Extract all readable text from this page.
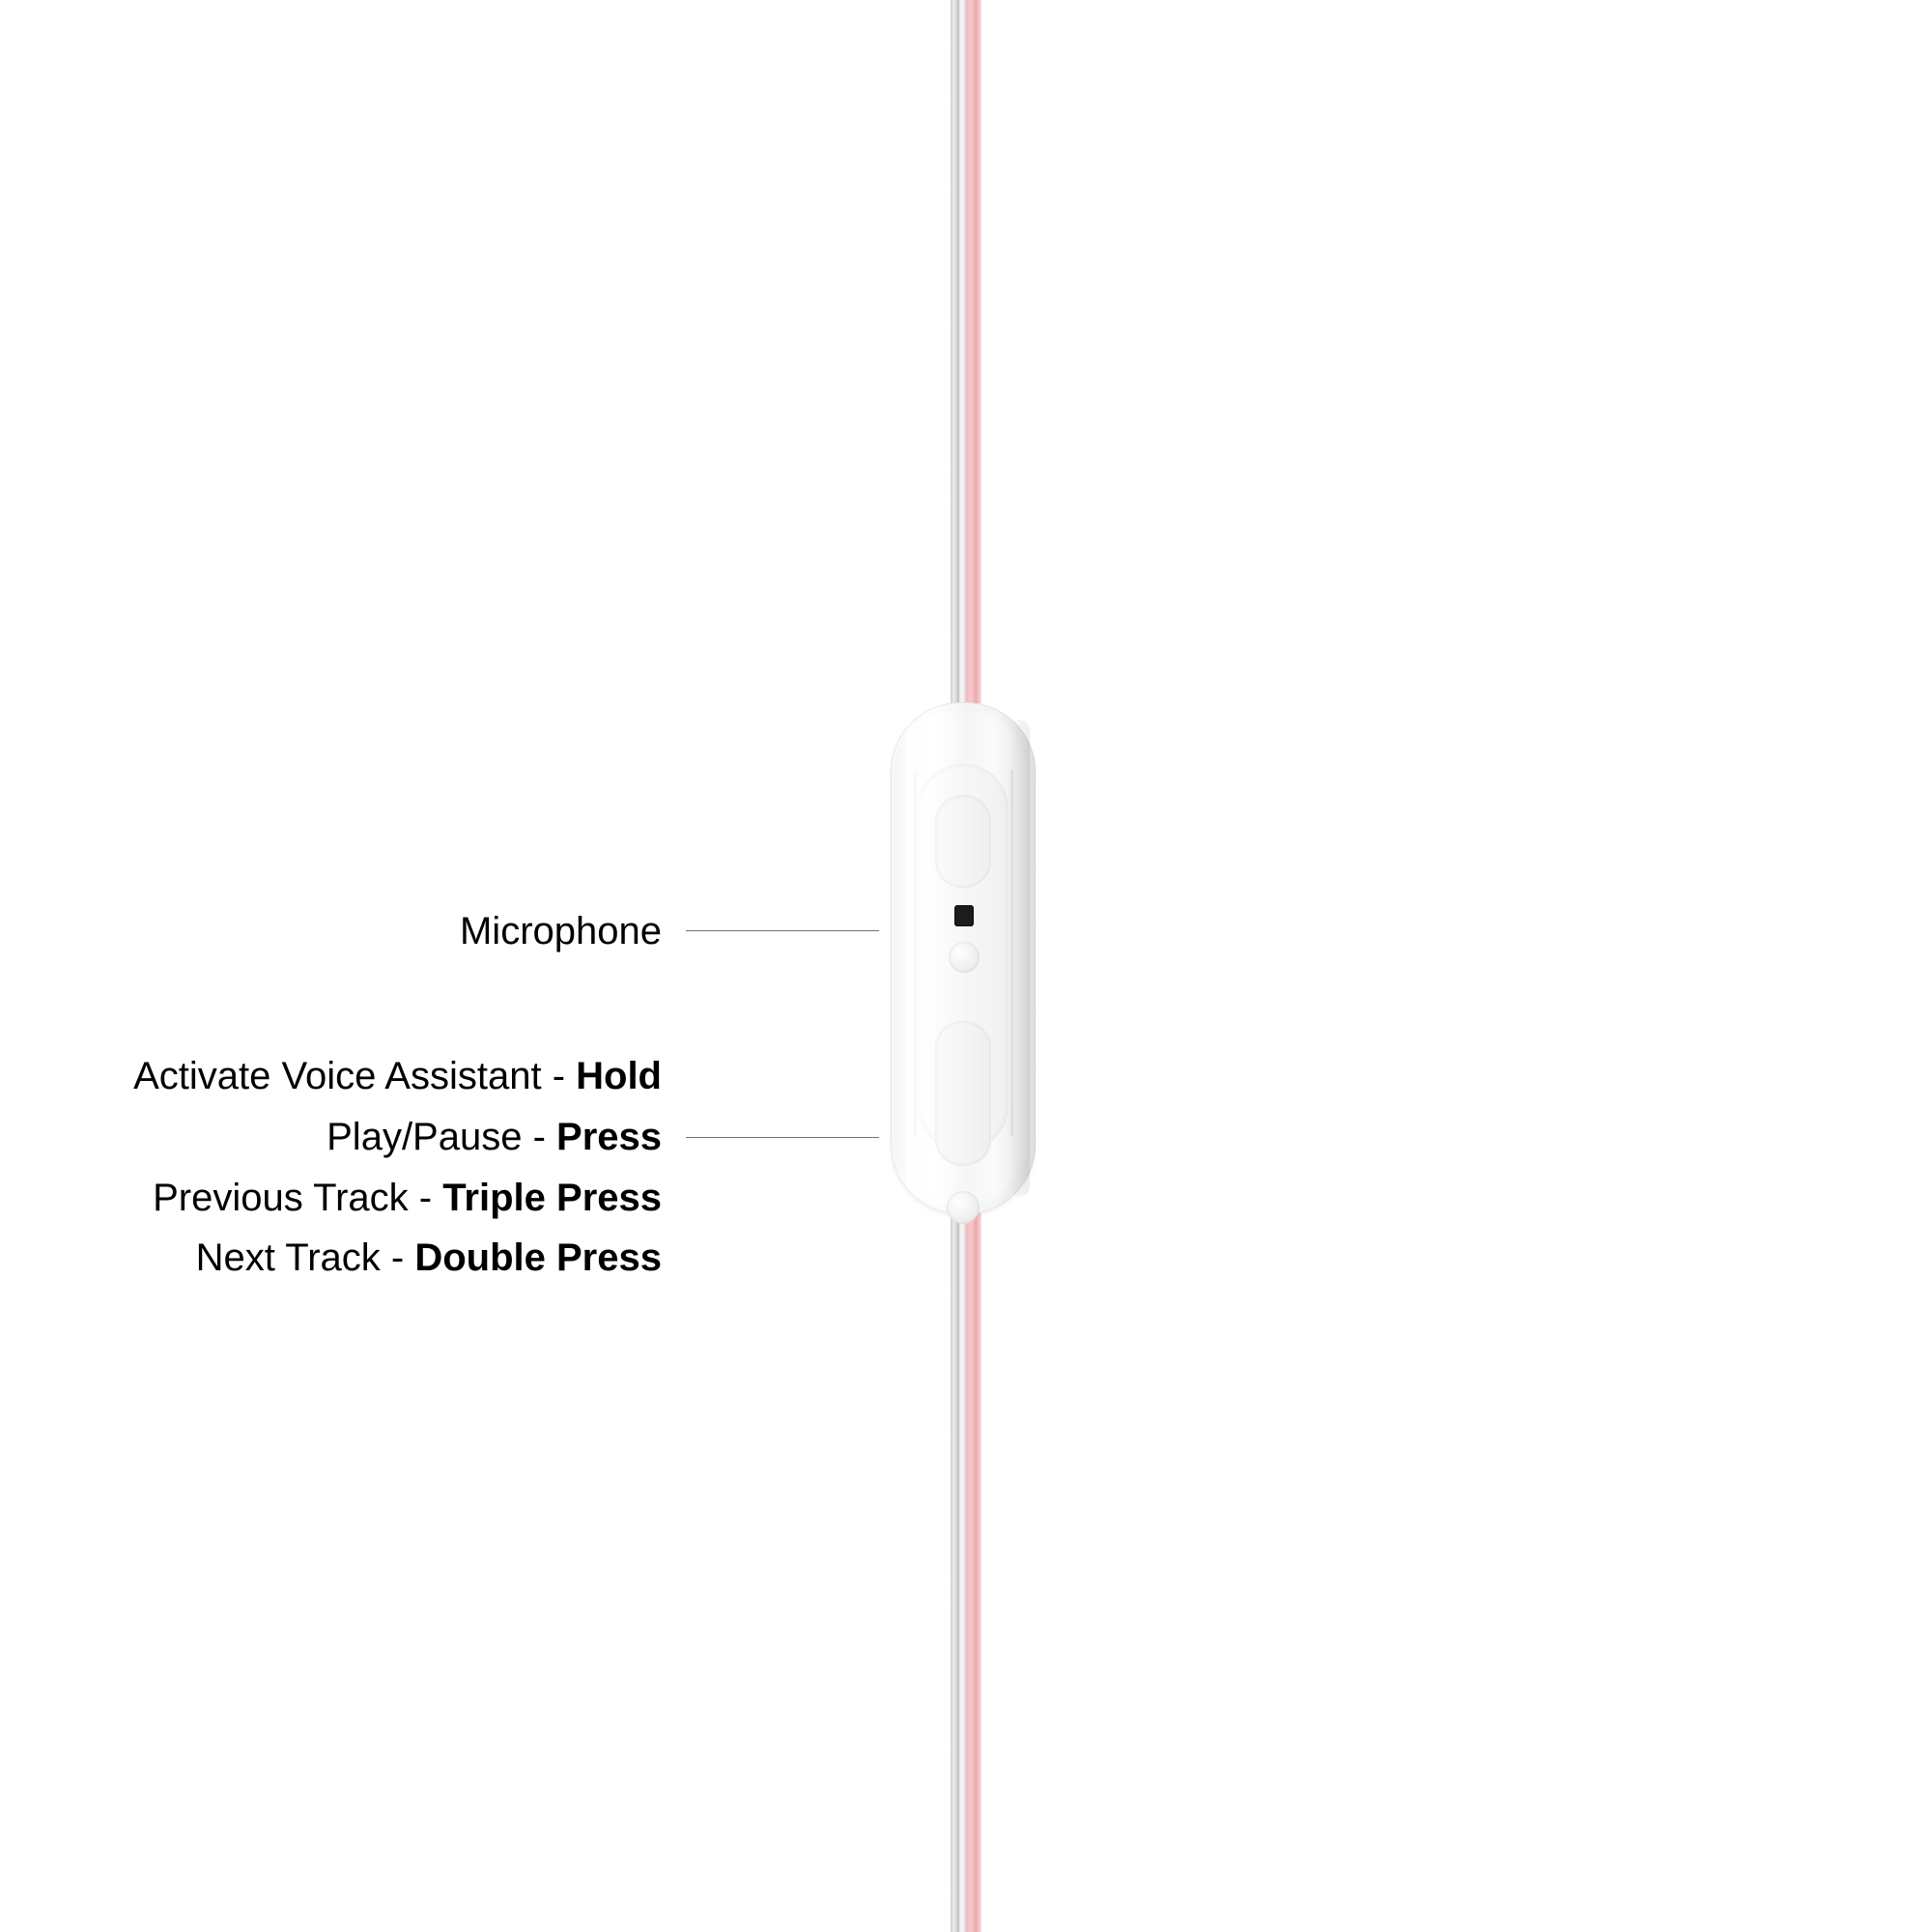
Microphone
Activate Voice Assistant - Hold
Play/Pause - Press
Previous Track - Triple Press
Next Track - Double Press
